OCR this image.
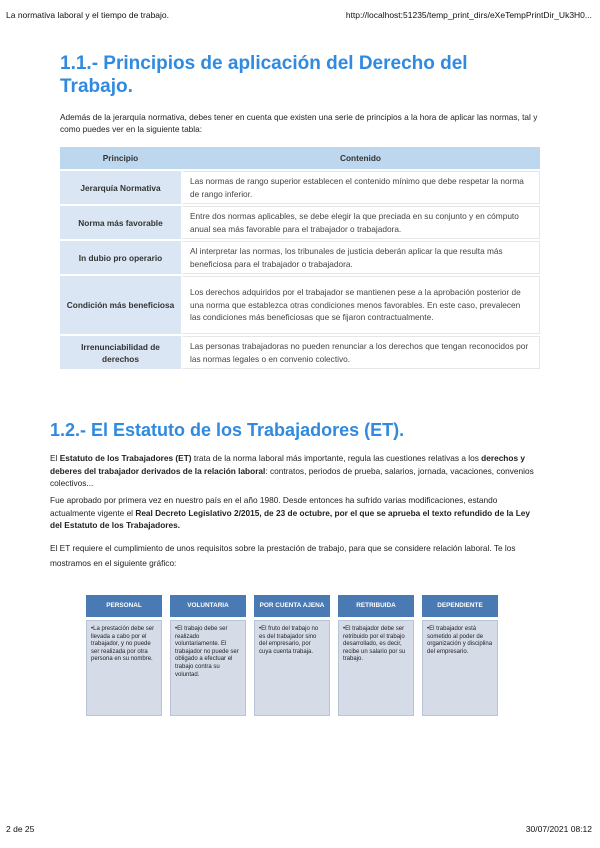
La normativa laboral y el tiempo de trabajo.	http://localhost:51235/temp_print_dirs/eXeTempPrintDir_Uk3H0...
1.1.- Principios de aplicación del Derecho del Trabajo.

Además de la jerarquía normativa, debes tener en cuenta que existen una serie de principios a la hora de aplicar las normas, tal y como puedes ver en la siguiente tabla:

Principio	Contenido
Jerarquía Normativa	Las normas de rango superior establecen el contenido mínimo que debe respetar la norma de rango inferior.
Norma más favorable	Entre dos normas aplicables, se debe elegir la que preciada en su conjunto y en cómputo anual sea más favorable para el trabajador o trabajadora.
In dubio pro operario	Al interpretar las normas, los tribunales de justicia deberán aplicar la que resulta más beneficiosa para el trabajador o trabajadora.
Condición más beneficiosa	Los derechos adquiridos por el trabajador se mantienen pese a la aprobación posterior de una norma que establezca otras condiciones menos favorables. En este caso, prevalecen las condiciones más beneficiosas que se fijaron contractualmente.
Irrenunciabilidad de derechos	Las personas trabajadoras no pueden renunciar a los derechos que tengan reconocidos por las normas legales o en convenio colectivo.
1.2.- El Estatuto de los Trabajadores (ET).

El Estatuto de los Trabajadores (ET) trata de la norma laboral más importante, regula las cuestiones relativas a los derechos y deberes del trabajador derivados de la relación laboral: contratos, periodos de prueba, salarios, jornada, vacaciones, convenios colectivos...

Fue aprobado por primera vez en nuestro país en el año 1980. Desde entonces ha sufrido varias modificaciones, estando actualmente vigente el Real Decreto Legislativo 2/2015, de 23 de octubre, por el que se aprueba el texto refundido de la Ley del Estatuto de los Trabajadores.

El ET requiere el cumplimiento de unos requisitos sobre la prestación de trabajo, para que se considere relación laboral. Te los mostramos en el siguiente gráfico:

PERSONAL
•La prestación debe ser llevada a cabo por el trabajador, y no puede ser realizada por otra persona en su nombre.
VOLUNTARIA
•El trabajo debe ser realizado voluntariamente. El trabajador no puede ser obligado a efectuar el trabajo contra su voluntad.
POR CUENTA AJENA
•El fruto del trabajo no es del trabajador sino del empresario, por cuya cuenta trabaja.
RETRIBUIDA
•El trabajador debe ser retribuido por el trabajo desarrollado, es decir, recibe un salario por su trabajo.
DEPENDIENTE
•El trabajador está sometido al poder de organización y disciplina del empresario.
2 de 25	30/07/2021 08:12
